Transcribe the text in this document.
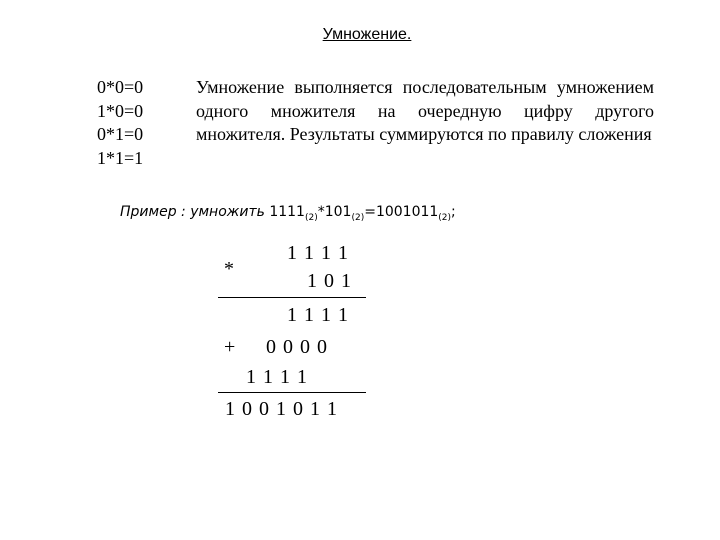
Умножение.
0*0=0
1*0=0
0*1=0
1*1=1
Умножение выполняется последовательным умножением одного множителя на очередную цифру другого множителя. Результаты суммируются по правилу сложения
Пример : умножить $1111_{(2)}*101_{(2)}=1001011_{(2)}$;
1 1 1 1
*
1 0 1
1 1 1 1
+ 0 0 0 0
1 1 1 1
1 0 0 1 0 1 1
